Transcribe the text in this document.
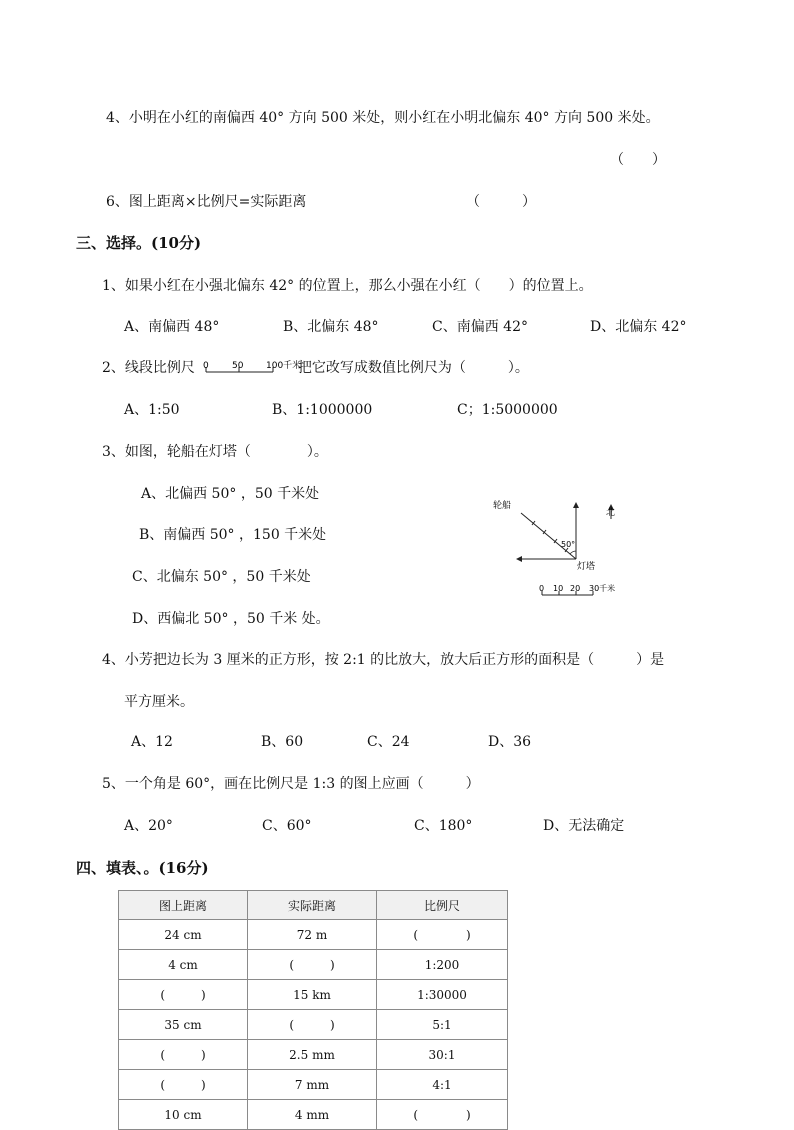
4、小明在小红的南偏西 40° 方向 500 米处，则小红在小明北偏东 40° 方向 500 米处。
（　　）
6、图上距离×比例尺=实际距离	（　　　）
三、选择。(10分)
1、如果小红在小强北偏东 42° 的位置上，那么小强在小红（　　）的位置上。
A、南偏西 48°	B、北偏东 48°	C、南偏西 42°	D、北偏东 42°
2、线段比例尺 0	50	100千米
把它改写成数值比例尺为（　　　）。
A、1:50	B、1:1000000	C；1:5000000
3、如图，轮船在灯塔（　　　　）。
A、北偏西 50° ，50 千米处
B、南偏西 50° ，150 千米处
C、北偏东 50° ，50 千米处
D、西偏北 50° ，50 千米 处。
轮船
50°
灯塔
北
0 10 20 30千米
4、小芳把边长为 3 厘米的正方形，按 2:1 的比放大，放大后正方形的面积是（　　　）是
平方厘米。
A、12	B、60	C、24	D、36
5、一个角是 60°，画在比例尺是 1:3 的图上应画（　　　）
A、20°	C、60°	C、180°	D、无法确定
四、填表、。(16分)
图上距离	实际距离	比例尺
24 cm	72 m	(　　　　)
4 cm	(　　　)	1:200
(　　　)	15 km	1:30000
35 cm	(　　　)	5:1
(　　　)	2.5 mm	30:1
(　　　)	7 mm	4:1
10 cm	4 mm	(　　　　)
